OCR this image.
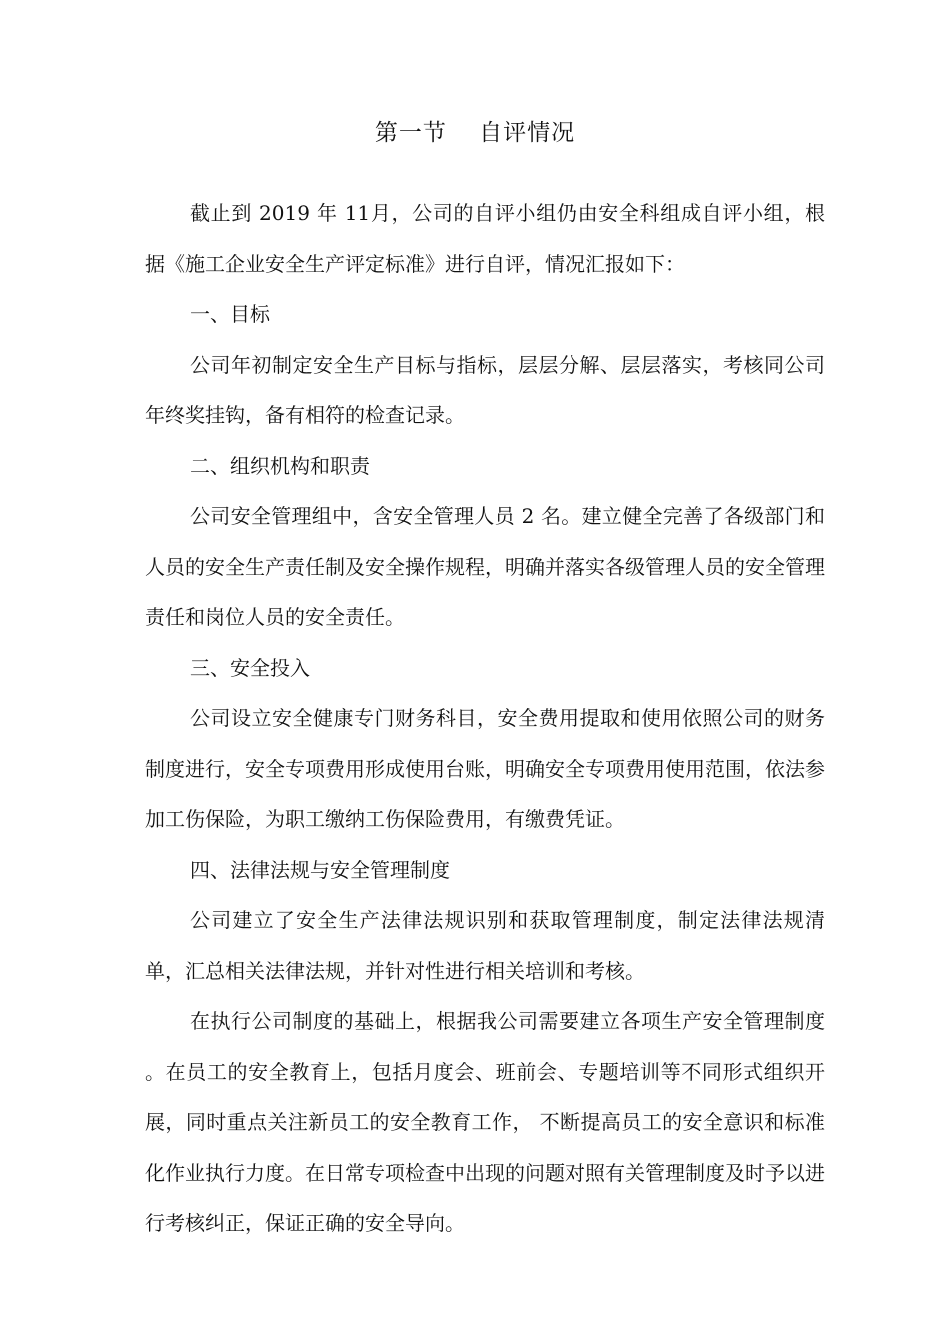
第一节　 自评情况

截止到 2019 年 11月，公司的自评小组仍由安全科组成自评小组，根据《施工企业安全生产评定标准》进行自评，情况汇报如下：

一、目标

公司年初制定安全生产目标与指标，层层分解、层层落实，考核同公司年终奖挂钩，备有相符的检查记录。

二、组织机构和职责

公司安全管理组中，含安全管理人员 2 名。建立健全完善了各级部门和人员的安全生产责任制及安全操作规程，明确并落实各级管理人员的安全管理责任和岗位人员的安全责任。

三、安全投入

公司设立安全健康专门财务科目，安全费用提取和使用依照公司的财务制度进行，安全专项费用形成使用台账，明确安全专项费用使用范围，依法参加工伤保险，为职工缴纳工伤保险费用，有缴费凭证。

四、法律法规与安全管理制度

公司建立了安全生产法律法规识别和获取管理制度，制定法律法规清单，汇总相关法律法规，并针对性进行相关培训和考核。

在执行公司制度的基础上，根据我公司需要建立各项生产安全管理制度 。在员工的安全教育上，包括月度会、班前会、专题培训等不同形式组织开展，同时重点关注新员工的安全教育工作， 不断提高员工的安全意识和标准化作业执行力度。在日常专项检查中出现的问题对照有关管理制度及时予以进行考核纠正，保证正确的安全导向。
